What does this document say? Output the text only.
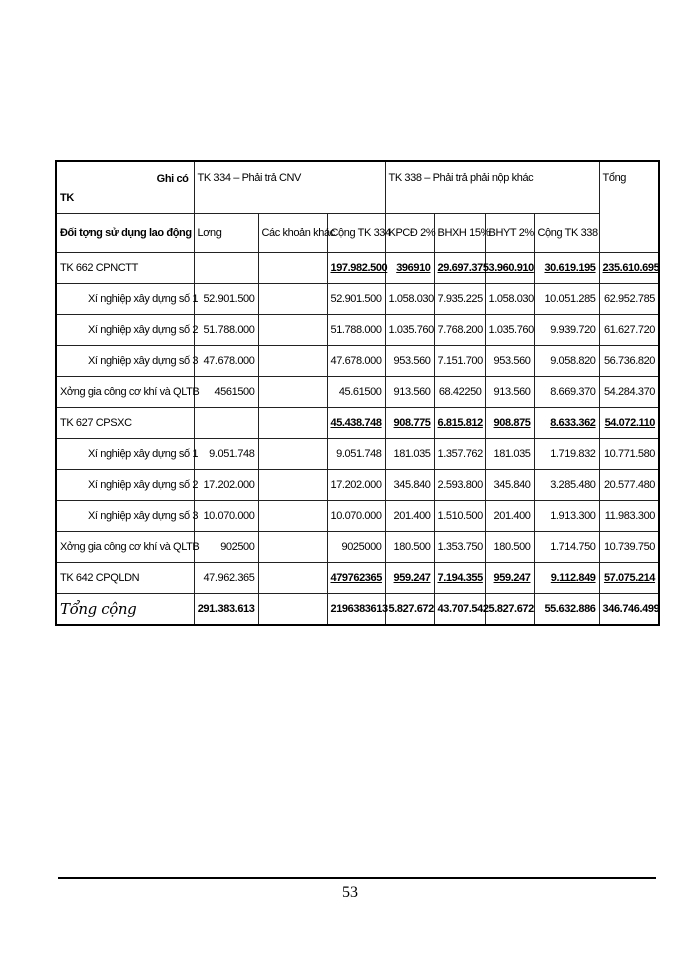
Ghi có
TK	TK 334 – Phải trả CNV			TK 338 – Phải trả phải nộp khác				Tổng
Đối tợng sử dụng lao động	Lơng	Các khoản khác	Cộng TK 334	KPCĐ 2%	BHXH 15%	BHYT 2%	Cộng TK 338	
TK 662 CPNCTT			197.982.500	396910	29.697.375	3.960.910	30.619.195	235.610.695
Xí nghiệp xây dựng số 1	52.901.500		52.901.500	1.058.030	7.935.225	1.058.030	10.051.285	62.952.785
Xí nghiệp xây dựng số 2	51.788.000		51.788.000	1.035.760	7.768.200	1.035.760	9.939.720	61.627.720
Xí nghiệp xây dựng số 3	47.678.000		47.678.000	953.560	7.151.700	953.560	9.058.820	56.736.820
Xởng gia công cơ khí và QLTB	4561500		45.61500	913.560	68.42250	913.560	8.669.370	54.284.370
TK 627 CPSXC			45.438.748	908.775	6.815.812	908.875	8.633.362	54.072.110
Xí nghiệp xây dựng số 1	9.051.748		9.051.748	181.035	1.357.762	181.035	1.719.832	10.771.580
Xí nghiệp xây dựng số 2	17.202.000		17.202.000	345.840	2.593.800	345.840	3.285.480	20.577.480
Xí nghiệp xây dựng số 3	10.070.000		10.070.000	201.400	1.510.500	201.400	1.913.300	11.983.300
Xởng gia công cơ khí và QLTB	902500		9025000	180.500	1.353.750	180.500	1.714.750	10.739.750
TK 642 CPQLDN	47.962.365		479762365	959.247	7.194.355	959.247	9.112.849	57.075.214
Tổng cộng	291.383.613		2196383613	5.827.672	43.707.542	5.827.672	55.632.886	346.746.499
53
